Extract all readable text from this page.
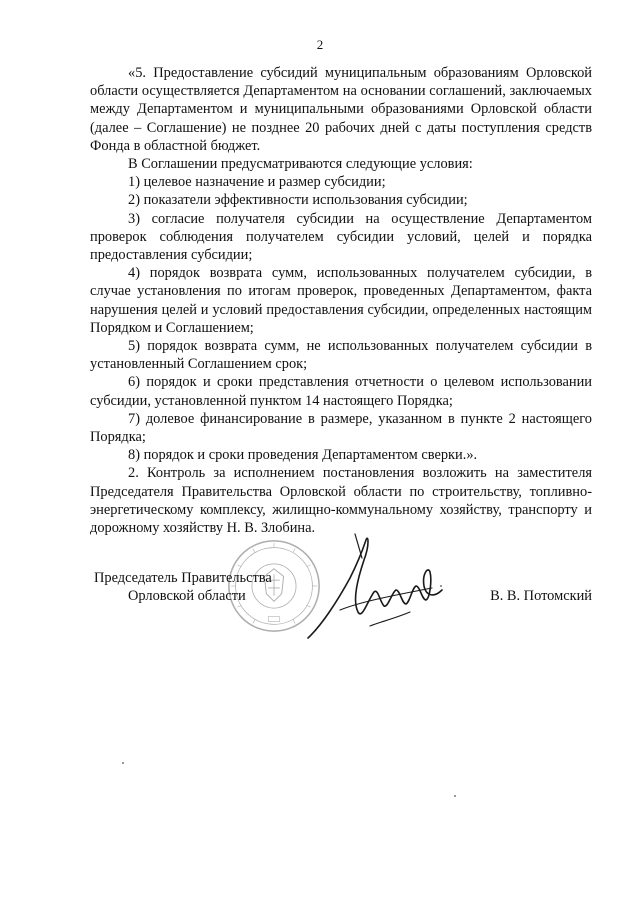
2

«5. Предоставление субсидий муниципальным образованиям Орловской области осуществляется Департаментом на основании соглашений, заключаемых между Департаментом и муниципальными образованиями Орловской области (далее – Соглашение) не позднее 20 рабочих дней с даты поступления средств Фонда в областной бюджет.

В Соглашении предусматриваются следующие условия:

1) целевое назначение и размер субсидии;

2) показатели эффективности использования субсидии;

3) согласие получателя субсидии на осуществление Департаментом проверок соблюдения получателем субсидии условий, целей и порядка предоставления субсидии;

4) порядок возврата сумм, использованных получателем субсидии, в случае установления по итогам проверок, проведенных Департаментом, факта нарушения целей и условий предоставления субсидии, определенных настоящим Порядком и Соглашением;

5) порядок возврата сумм, не использованных получателем субсидии в установленный Соглашением срок;

6) порядок и сроки представления отчетности о целевом использовании субсидии, установленной пунктом 14 настоящего Порядка;

7) долевое финансирование в размере, указанном в пункте 2 настоящего Порядка;

8) порядок и сроки проведения Департаментом сверки.».

2. Контроль за исполнением постановления возложить на заместителя Председателя Правительства Орловской области по строительству, топливно-энергетическому комплексу, жилищно-коммунальному хозяйству, транспорту и дорожному хозяйству Н. В. Злобина.

Председатель Правительства
Орловской области	В. В. Потомский
